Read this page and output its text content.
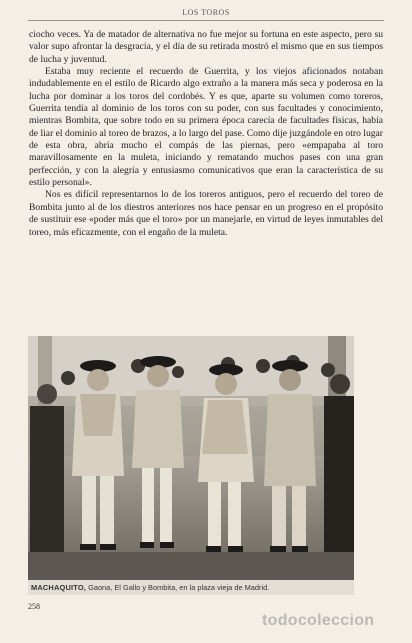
LOS TOROS

ciocho veces. Ya de matador de alternativa no fue mejor su fortuna en este aspecto, pero su valor supo afrontar la desgracia, y el día de su retirada mostró el mismo que en sus tiempos de lucha y juventud.

Estaba muy reciente el recuerdo de Guerrita, y los viejos aficionados notaban indudablemente en el estilo de Ricardo algo extraño a la manera más seca y poderosa en la lucha por dominar a los toros del cordobés. Y es que, aparte su volumen como toreros, Guerrita tendía al dominio de los toros con su poder, con sus facultades y conocimiento, mientras Bombita, que sobre todo en su primera época carecía de facultades físicas, había de liar el dominio al toreo de brazos, a lo largo del pase. Como dije juzgándole en otro lugar de esta obra, abría mucho el compás de las piernas, pero «empapaba al toro maravillosamente en la muleta, iniciando y rematando muchos pases con una gran perfección, y con la alegría y entusiasmo comunicativos que eran la característica de su estilo personal».

Nos es difícil representarnos lo de los toreros antiguos, pero el recuerdo del toreo de Bombita junto al de los diestros anteriores nos hace pensar en un progreso en el propósito de sustituir ese «poder más que el toro» por un manejarle, en virtud de leyes inmutables del toreo, más eficazmente, con el engaño de la muleta.

MACHAQUITO, Gaona, El Gallo y Bombita, en la plaza vieja de Madrid.
258
todocoleccion
